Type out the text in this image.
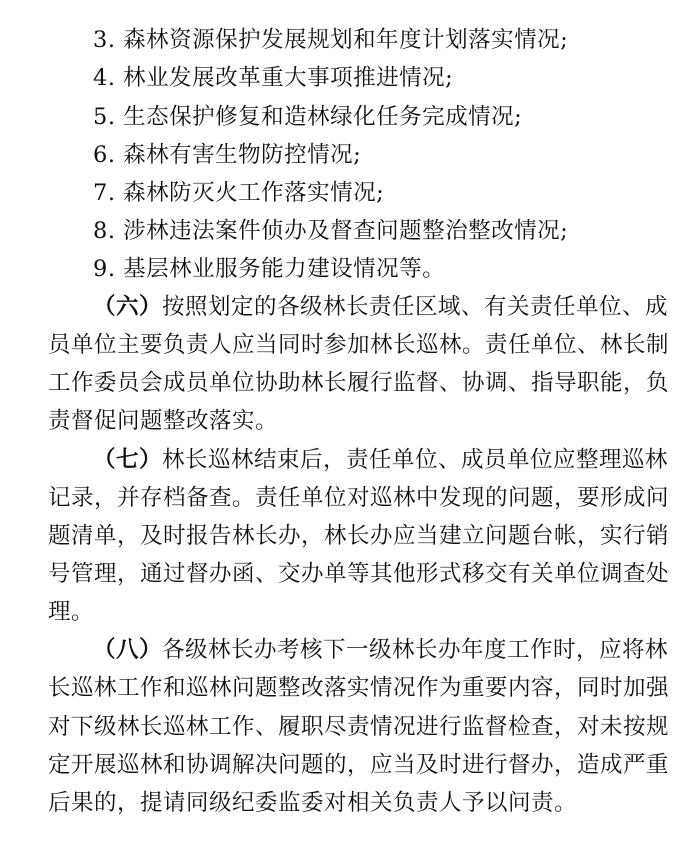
3. 森林资源保护发展规划和年度计划落实情况;
4. 林业发展改革重大事项推进情况;
5. 生态保护修复和造林绿化任务完成情况;
6. 森林有害生物防控情况;
7. 森林防灭火工作落实情况;
8. 涉林违法案件侦办及督查问题整治整改情况;
9. 基层林业服务能力建设情况等。
（六）按照划定的各级林长责任区域、有关责任单位、成
员单位主要负责人应当同时参加林长巡林。责任单位、林长制
工作委员会成员单位协助林长履行监督、协调、指导职能，负
责督促问题整改落实。
（七）林长巡林结束后，责任单位、成员单位应整理巡林
记录，并存档备查。责任单位对巡林中发现的问题，要形成问
题清单，及时报告林长办，林长办应当建立问题台帐，实行销
号管理，通过督办函、交办单等其他形式移交有关单位调查处
理。
（八）各级林长办考核下一级林长办年度工作时，应将林
长巡林工作和巡林问题整改落实情况作为重要内容，同时加强
对下级林长巡林工作、履职尽责情况进行监督检查，对未按规
定开展巡林和协调解决问题的，应当及时进行督办，造成严重
后果的，提请同级纪委监委对相关负责人予以问责。
